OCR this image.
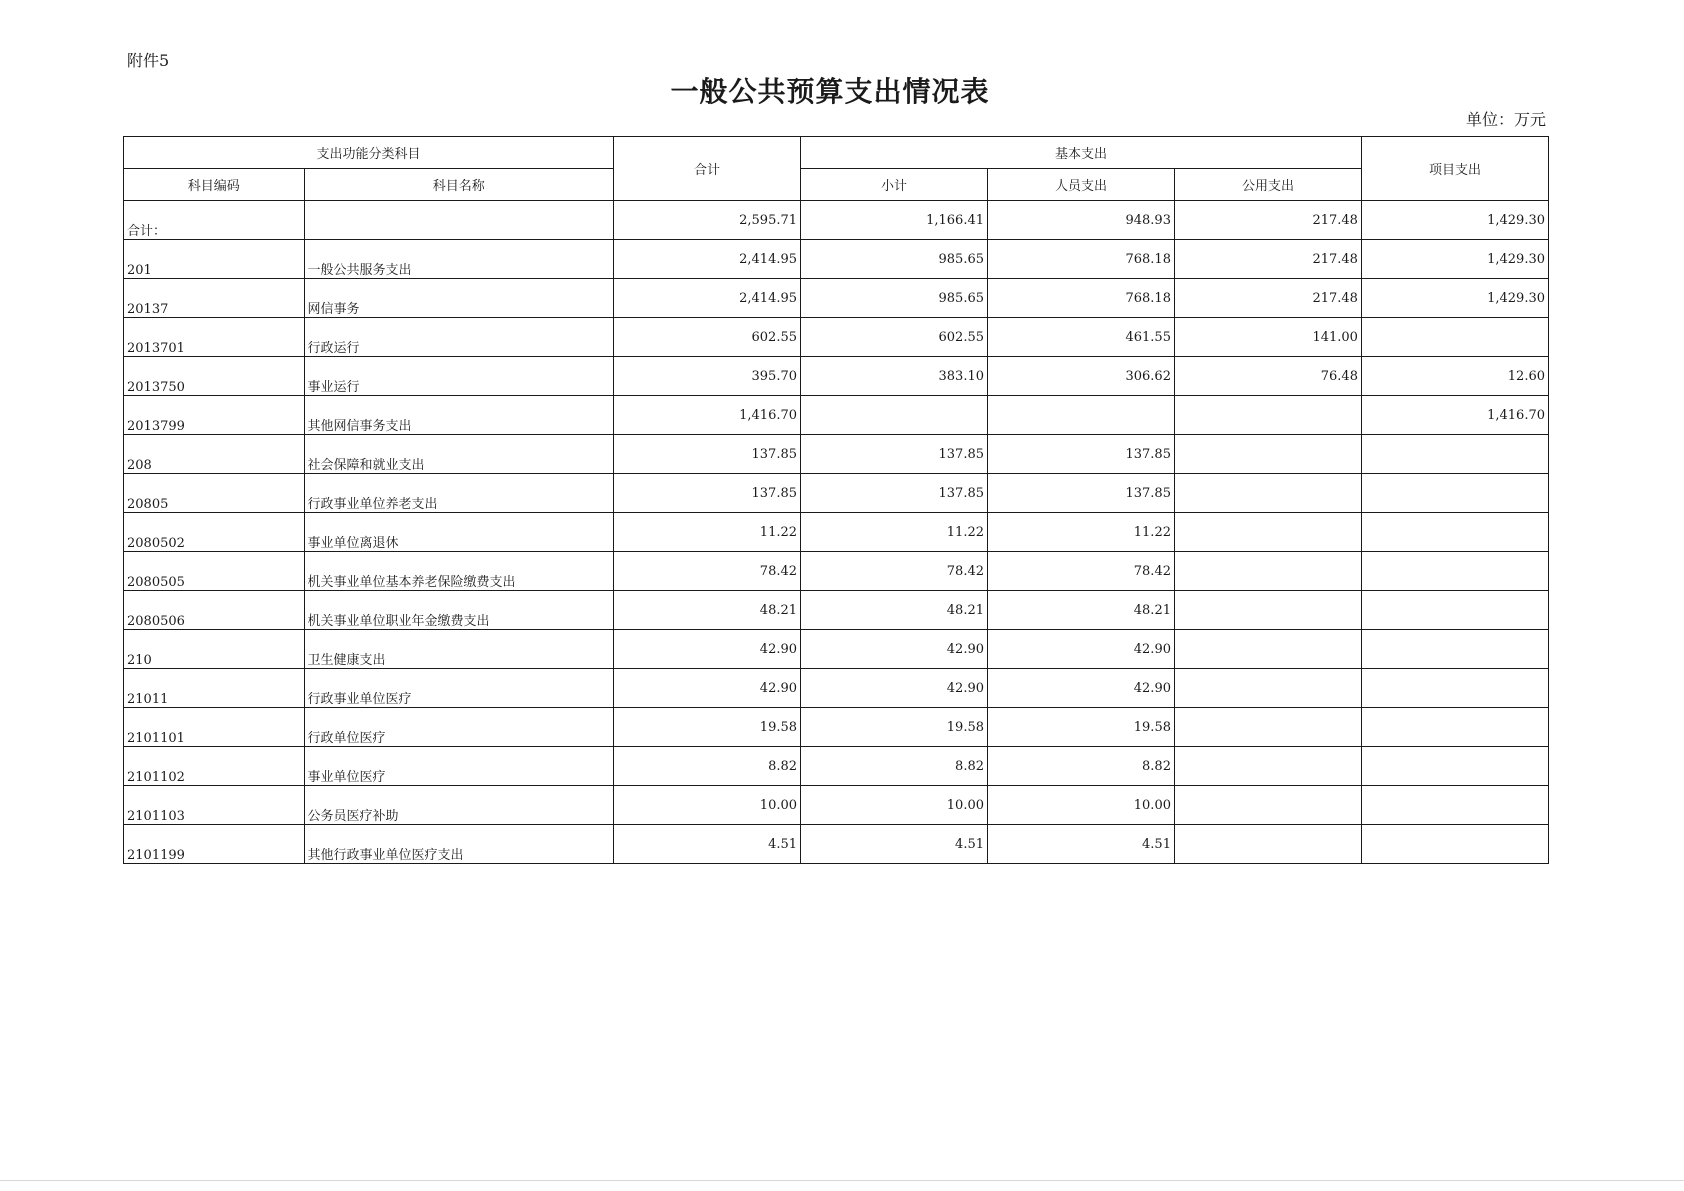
附件5
一般公共预算支出情况表
单位：万元
支出功能分类科目		合计	基本支出			项目支出
科目编码	科目名称		小计	人员支出	公用支出	
合计：		2,595.71	1,166.41	948.93	217.48	1,429.30
201	一般公共服务支出	2,414.95	985.65	768.18	217.48	1,429.30
20137	网信事务	2,414.95	985.65	768.18	217.48	1,429.30
2013701	行政运行	602.55	602.55	461.55	141.00	
2013750	事业运行	395.70	383.10	306.62	76.48	12.60
2013799	其他网信事务支出	1,416.70				1,416.70
208	社会保障和就业支出	137.85	137.85	137.85		
20805	行政事业单位养老支出	137.85	137.85	137.85		
2080502	事业单位离退休	11.22	11.22	11.22		
2080505	机关事业单位基本养老保险缴费支出	78.42	78.42	78.42		
2080506	机关事业单位职业年金缴费支出	48.21	48.21	48.21		
210	卫生健康支出	42.90	42.90	42.90		
21011	行政事业单位医疗	42.90	42.90	42.90		
2101101	行政单位医疗	19.58	19.58	19.58		
2101102	事业单位医疗	8.82	8.82	8.82		
2101103	公务员医疗补助	10.00	10.00	10.00		
2101199	其他行政事业单位医疗支出	4.51	4.51	4.51		
